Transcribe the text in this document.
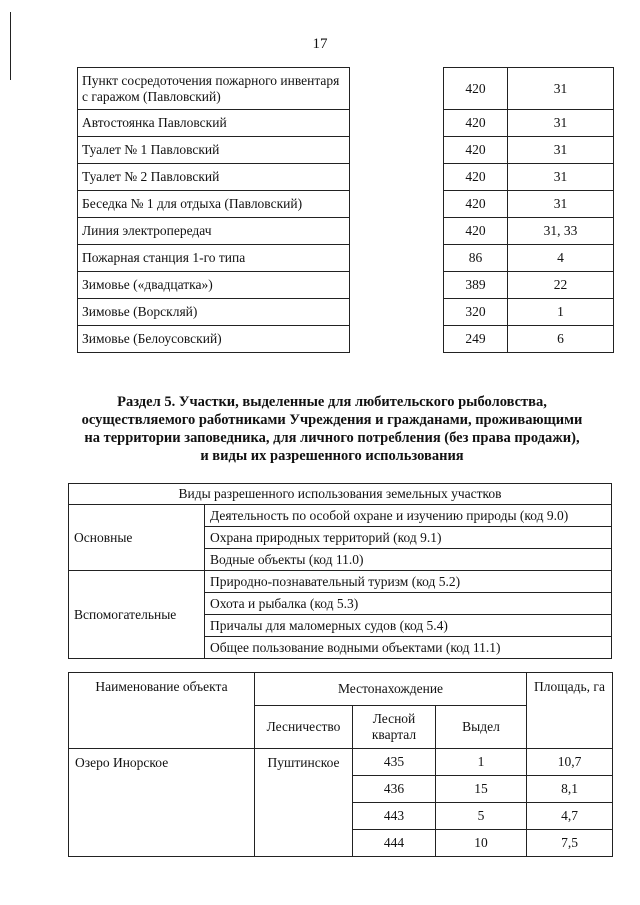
17
Пункт сосредоточения пожарного инвентаря с гаражом (Павловский)		420	31
Автостоянка Павловский		420	31
Туалет № 1 Павловский		420	31
Туалет № 2 Павловский		420	31
Беседка № 1 для отдыха (Павловский)		420	31
Линия электропередач		420	31, 33
Пожарная станция 1-го типа		86	4
Зимовье («двадцатка»)		389	22
Зимовье (Ворскляй)		320	1
Зимовье (Белоусовский)		249	6
Раздел 5. Участки, выделенные для любительского рыболовства,
осуществляемого работниками Учреждения и гражданами, проживающими
на территории заповедника, для личного потребления (без права продажи),
и виды их разрешенного использования
Виды разрешенного использования земельных участков	
Основные	Деятельность по особой охране и изучению природы (код 9.0)
	Охрана природных территорий (код 9.1)
	Водные объекты (код 11.0)
Вспомогательные	Природно-познавательный туризм (код 5.2)
	Охота и рыбалка (код 5.3)
	Причалы для маломерных судов (код 5.4)
	Общее пользование водными объектами (код 11.1)
Наименование объекта	Местонахождение			Площадь, га
	Лесничество	Лесной квартал	Выдел	
Озеро Инорское	Пуштинское	435	1	10,7
		436	15	8,1
		443	5	4,7
		444	10	7,5
